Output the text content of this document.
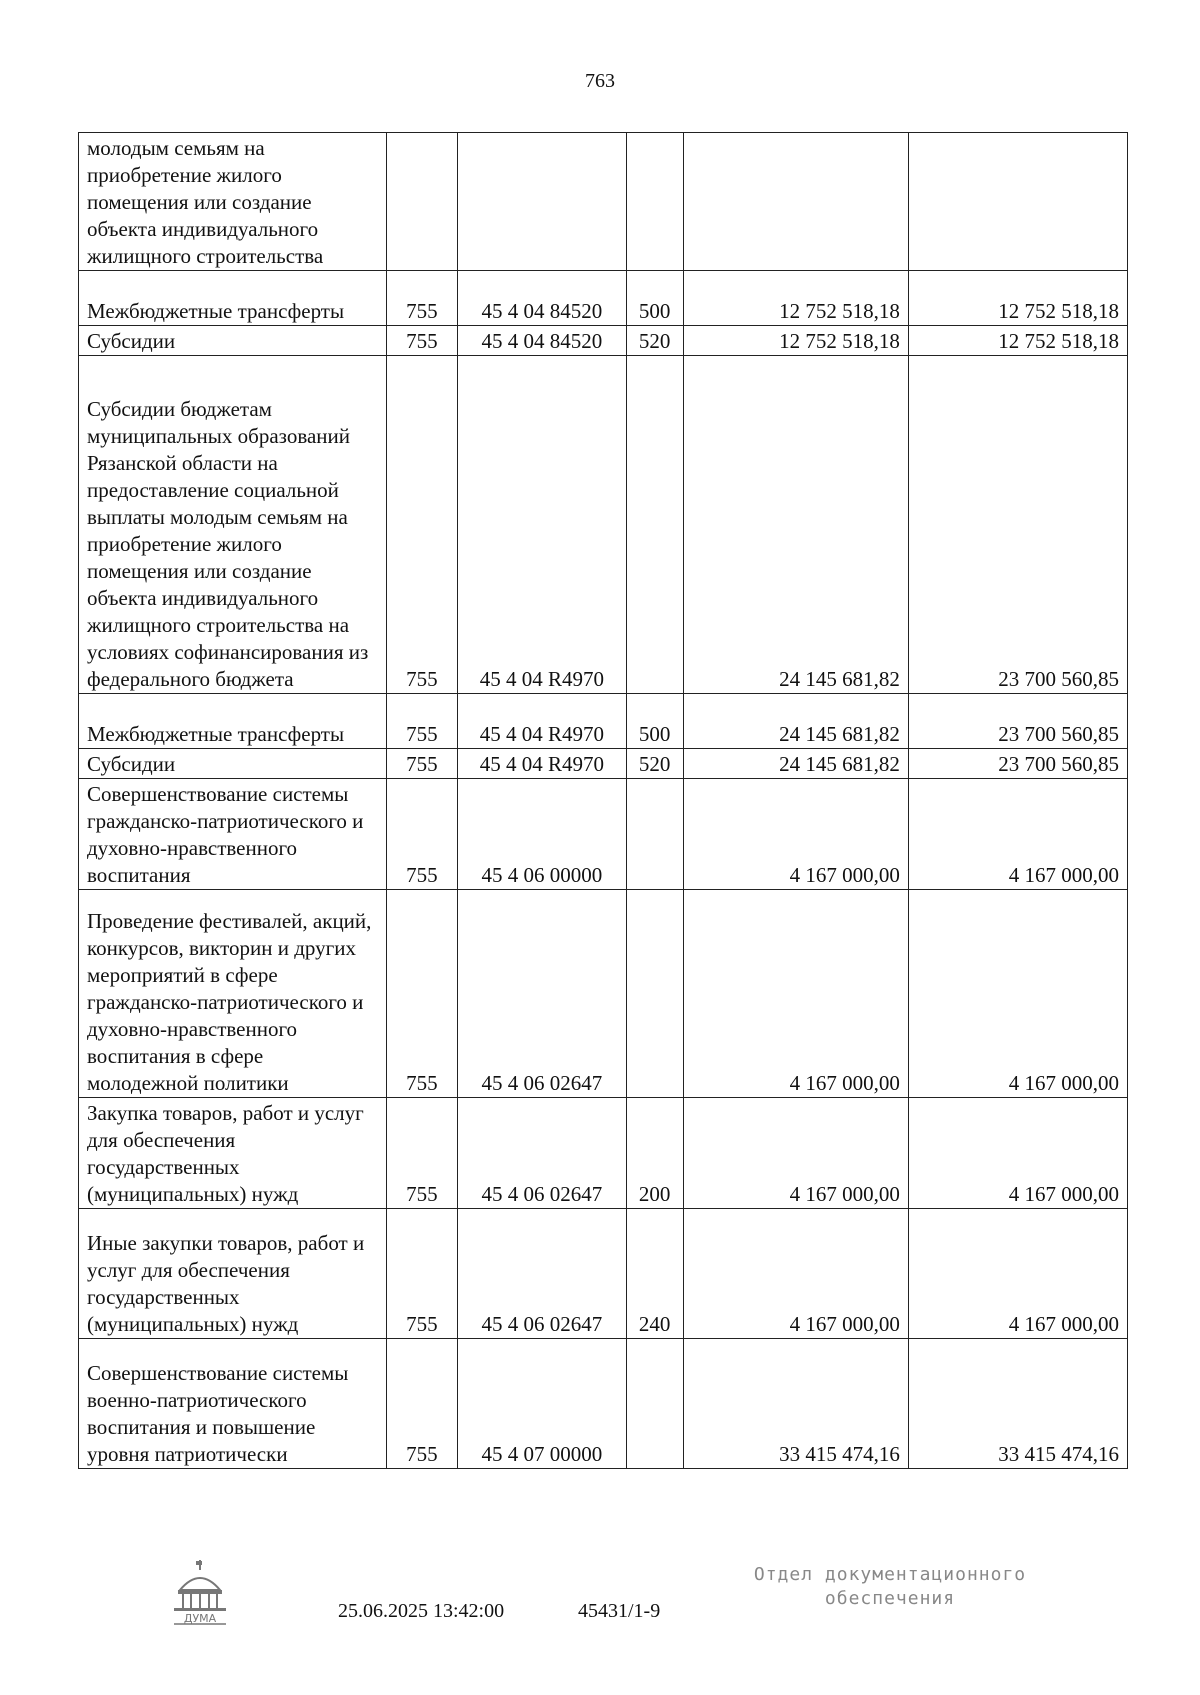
763
молодым семьям на приобретение жилого помещения или создание объекта индивидуального жилищного строительства					
Межбюджетные трансферты	755	45 4 04 84520	500	12 752 518,18	12 752 518,18
Субсидии	755	45 4 04 84520	520	12 752 518,18	12 752 518,18
Субсидии бюджетам муниципальных образований Рязанской области на предоставление социальной выплаты молодым семьям на приобретение жилого помещения или создание объекта индивидуального жилищного строительства на условиях софинансирования из федерального бюджета	755	45 4 04 R4970		24 145 681,82	23 700 560,85
Межбюджетные трансферты	755	45 4 04 R4970	500	24 145 681,82	23 700 560,85
Субсидии	755	45 4 04 R4970	520	24 145 681,82	23 700 560,85
Совершенствование системы гражданско-патриотического и духовно-нравственного воспитания	755	45 4 06 00000		4 167 000,00	4 167 000,00
Проведение фестивалей, акций, конкурсов, викторин и других мероприятий в сфере гражданско-патриотического и духовно-нравственного воспитания в сфере молодежной политики	755	45 4 06 02647		4 167 000,00	4 167 000,00
Закупка товаров, работ и услуг для обеспечения государственных (муниципальных) нужд	755	45 4 06 02647	200	4 167 000,00	4 167 000,00
Иные закупки товаров, работ и услуг для обеспечения государственных (муниципальных) нужд	755	45 4 06 02647	240	4 167 000,00	4 167 000,00
Совершенствование системы военно-патриотического воспитания и повышение уровня патриотически	755	45 4 07 00000		33 415 474,16	33 415 474,16
ДУМА	25.06.2025 13:42:00	45431/1-9
Отдел документационного
обеспечения
